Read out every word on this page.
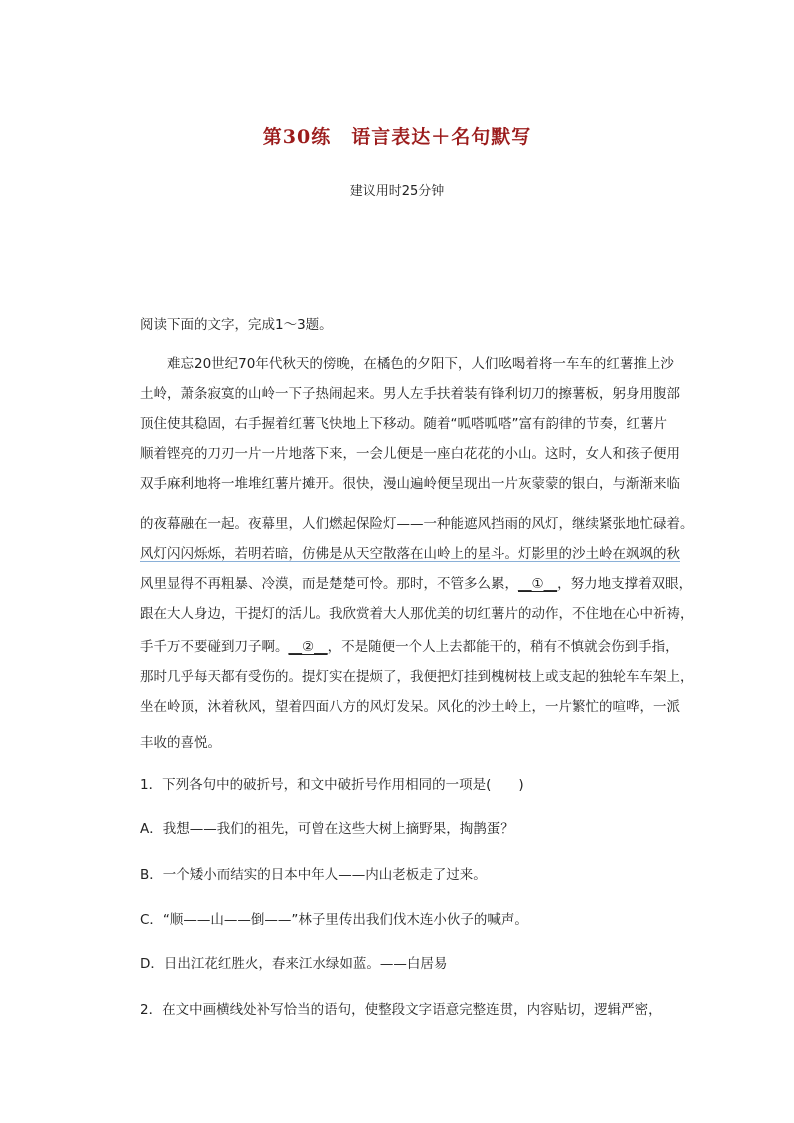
第30练　语言表达＋名句默写
建议用时25分钟
阅读下面的文字，完成1～3题。
　　难忘20世纪70年代秋天的傍晚，在橘色的夕阳下，人们吆喝着将一车车的红薯推上沙
土岭，萧条寂寞的山岭一下子热闹起来。男人左手扶着装有锋利切刀的擦薯板，躬身用腹部
顶住使其稳固，右手握着红薯飞快地上下移动。随着“呱嗒呱嗒”富有韵律的节奏，红薯片
顺着铿亮的刀刃一片一片地落下来，一会儿便是一座白花花的小山。这时，女人和孩子便用
双手麻利地将一堆堆红薯片摊开。很快，漫山遍岭便呈现出一片灰蒙蒙的银白，与渐渐来临
的夜幕融在一起。夜幕里，人们燃起保险灯——一种能遮风挡雨的风灯，继续紧张地忙碌着。
风灯闪闪烁烁，若明若暗，仿佛是从天空散落在山岭上的星斗。灯影里的沙土岭在飒飒的秋
风里显得不再粗暴、冷漠，而是楚楚可怜。那时，不管多么累，__①__，努力地支撑着双眼，
跟在大人身边，干提灯的活儿。我欣赏着大人那优美的切红薯片的动作，不住地在心中祈祷，
手千万不要碰到刀子啊。__②__，不是随便一个人上去都能干的，稍有不慎就会伤到手指，
那时几乎每天都有受伤的。提灯实在提烦了，我便把灯挂到槐树枝上或支起的独轮车车架上，
坐在岭顶，沐着秋风，望着四面八方的风灯发呆。风化的沙土岭上，一片繁忙的喧哗，一派
丰收的喜悦。
1．下列各句中的破折号，和文中破折号作用相同的一项是(　　)
A．我想——我们的祖先，可曾在这些大树上摘野果，掏鹊蛋？
B．一个矮小而结实的日本中年人——内山老板走了过来。
C．“顺——山——倒——”林子里传出我们伐木连小伙子的喊声。
D．日出江花红胜火，春来江水绿如蓝。——白居易
2．在文中画横线处补写恰当的语句，使整段文字语意完整连贯，内容贴切，逻辑严密，
